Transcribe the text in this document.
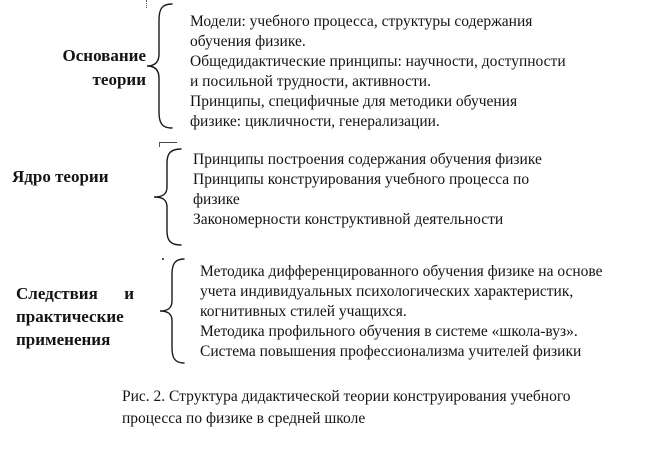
Основание
теории
Модели: учебного процесса, структуры содержания
обучения физике.
Общедидактические принципы: научности, доступности
и посильной трудности, активности.
Принципы, специфичные для методики обучения
физике: цикличности, генерализации.
Ядро теории
Принципы построения содержания обучения физике
Принципы конструирования учебного процесса по
физике
Закономерности конструктивной деятельности
Следствия и
практические
применения
Методика дифференцированного обучения физике на основе
учета индивидуальных психологических характеристик,
когнитивных стилей учащихся.
Методика профильного обучения в системе «школа-вуз».
Система повышения профессионализма учителей физики
Рис. 2. Структура дидактической теории конструирования учебного
процесса по физике в средней школе
